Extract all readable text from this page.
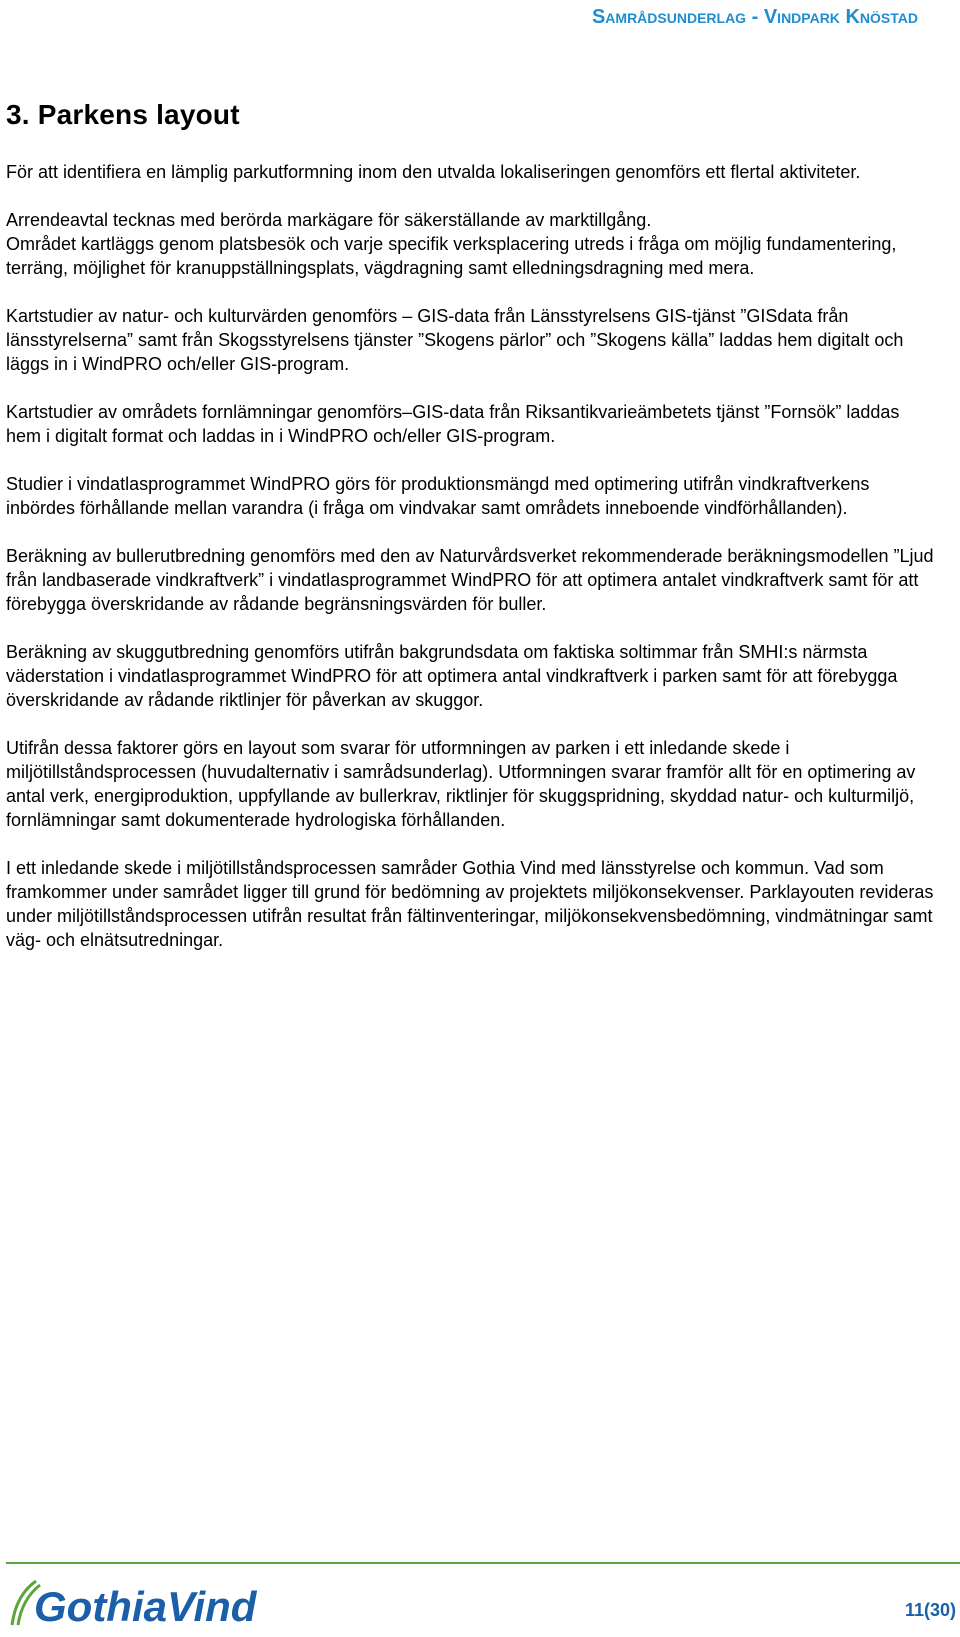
Samrådsunderlag - Vindpark Knöstad
3. Parkens layout

För att identifiera en lämplig parkutformning inom den utvalda lokaliseringen genomförs ett flertal aktiviteter.

Arrendeavtal tecknas med berörda markägare för säkerställande av marktillgång.

Området kartläggs genom platsbesök och varje specifik verksplacering utreds i fråga om möjlig fundamentering, terräng, möjlighet för kranuppställningsplats, vägdragning samt elledningsdragning med mera.

Kartstudier av natur- och kulturvärden genomförs – GIS-data från Länsstyrelsens GIS-tjänst ”GISdata från länsstyrelserna” samt från Skogsstyrelsens tjänster ”Skogens pärlor” och ”Skogens källa” laddas hem digitalt och läggs in i WindPRO och/eller GIS-program.

Kartstudier av områdets fornlämningar genomförs–GIS-data från Riksantikvarieämbetets tjänst ”Fornsök” laddas hem i digitalt format och laddas in i WindPRO och/eller GIS-program.

Studier i vindatlasprogrammet WindPRO görs för produktionsmängd med optimering utifrån vindkraftverkens inbördes förhållande mellan varandra (i fråga om vindvakar samt områdets inneboende vindförhållanden).

Beräkning av bullerutbredning genomförs med den av Naturvårdsverket rekommenderade beräkningsmodellen ”Ljud från landbaserade vindkraftverk” i vindatlasprogrammet WindPRO för att optimera antalet vindkraftverk samt för att förebygga överskridande av rådande begränsningsvärden för buller.

Beräkning av skuggutbredning genomförs utifrån bakgrundsdata om faktiska soltimmar från SMHI:s närmsta väderstation i vindatlasprogrammet WindPRO för att optimera antal vindkraftverk i parken samt för att förebygga överskridande av rådande riktlinjer för påverkan av skuggor.

Utifrån dessa faktorer görs en layout som svarar för utformningen av parken i ett inledande skede i miljötillståndsprocessen (huvudalternativ i samrådsunderlag). Utformningen svarar framför allt för en optimering av antal verk, energiproduktion, uppfyllande av bullerkrav, riktlinjer för skuggspridning, skyddad natur- och kulturmiljö, fornlämningar samt dokumenterade hydrologiska förhållanden.

I ett inledande skede i miljötillståndsprocessen samråder Gothia Vind med länsstyrelse och kommun. Vad som framkommer under samrådet ligger till grund för bedömning av projektets miljökonsekvenser. Parklayouten revideras under miljötillståndsprocessen utifrån resultat från fältinventeringar, miljökonsekvensbedömning, vindmätningar samt väg- och elnätsutredningar.

GothiaVind	11(30)
